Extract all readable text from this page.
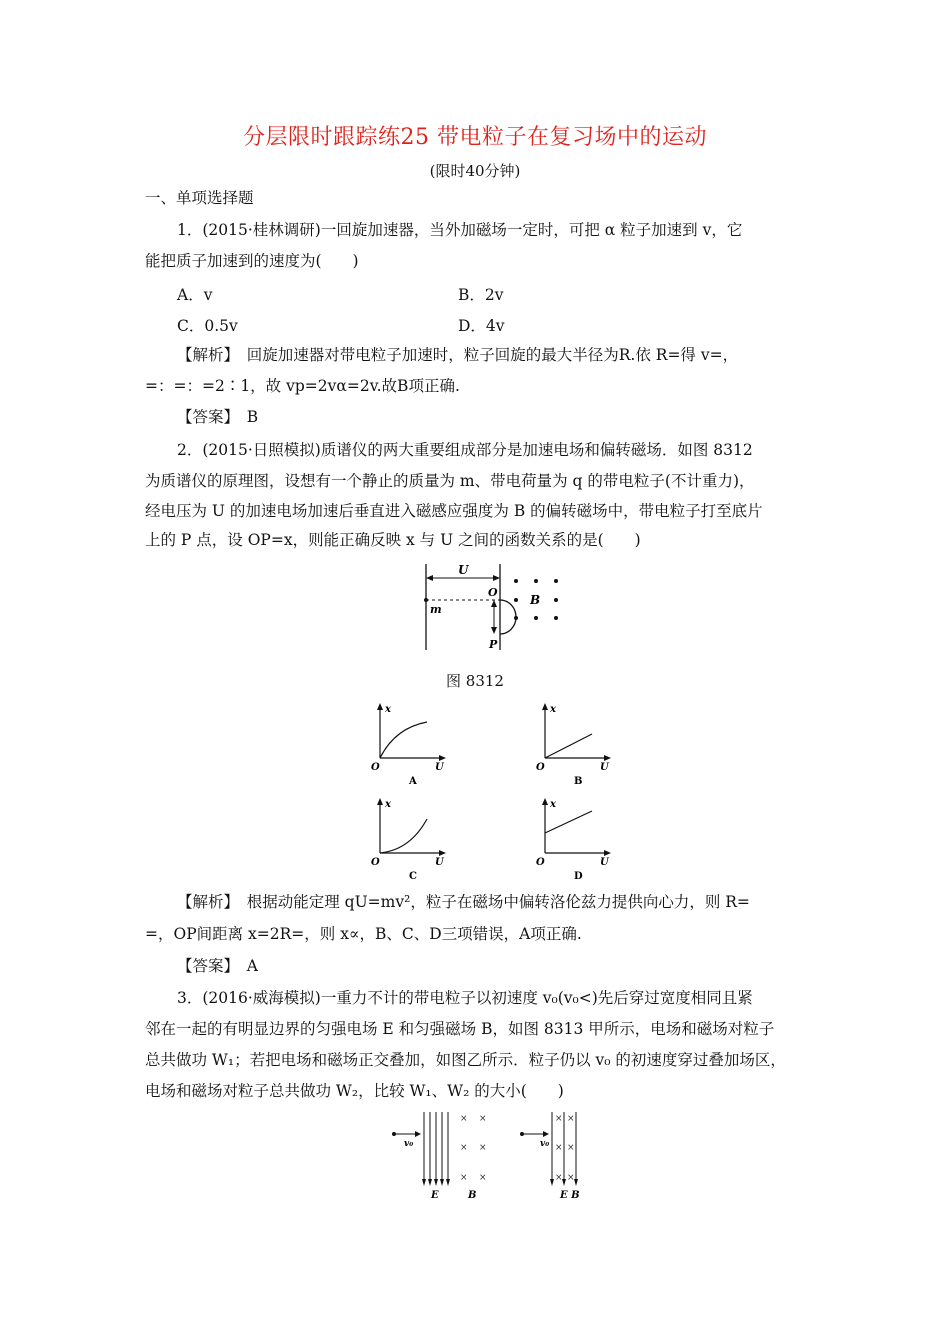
分层限时跟踪练25 带电粒子在复习场中的运动
(限时40分钟)
一、单项选择题
1．(2015·桂林调研)一回旋加速器，当外加磁场一定时，可把 α 粒子加速到 v，它
能把质子加速到的速度为(　　)
A．v	B．2v
C．0.5v	D．4v
【解析】　回旋加速器对带电粒子加速时，粒子回旋的最大半径为R.依 R=得 v=，
=：=：=2∶1，故 vp=2vα=2v.故B项正确.
【答案】　B
2．(2015·日照模拟)质谱仪的两大重要组成部分是加速电场和偏转磁场．如图 8312
为质谱仪的原理图，设想有一个静止的质量为 m、带电荷量为 q 的带电粒子(不计重力)，
经电压为 U 的加速电场加速后垂直进入磁感应强度为 B 的偏转磁场中，带电粒子打至底片
上的 P 点，设 OP=x，则能正确反映 x 与 U 之间的函数关系的是(　　)
U
m
O
P
B
图 8312
x
O	U
A
x
O	U
B
x
O	U
C
x
O	U
D
【解析】　根据动能定理 qU=mv²，粒子在磁场中偏转洛伦兹力提供向心力，则 R=
=，OP间距离 x=2R=，则 x∝，B、C、D三项错误，A项正确.
【答案】　A
3．(2016·威海模拟)一重力不计的带电粒子以初速度 v₀(v₀<)先后穿过宽度相同且紧
邻在一起的有明显边界的匀强电场 E 和匀强磁场 B，如图 8313 甲所示，电场和磁场对粒子
总共做功 W₁；若把电场和磁场正交叠加，如图乙所示．粒子仍以 v₀ 的初速度穿过叠加场区，
电场和磁场对粒子总共做功 W₂，比较 W₁、W₂ 的大小(　　)
v₀
E
× ×
× ×
× ×
B
v₀
× ×
× ×
× ×
E B
